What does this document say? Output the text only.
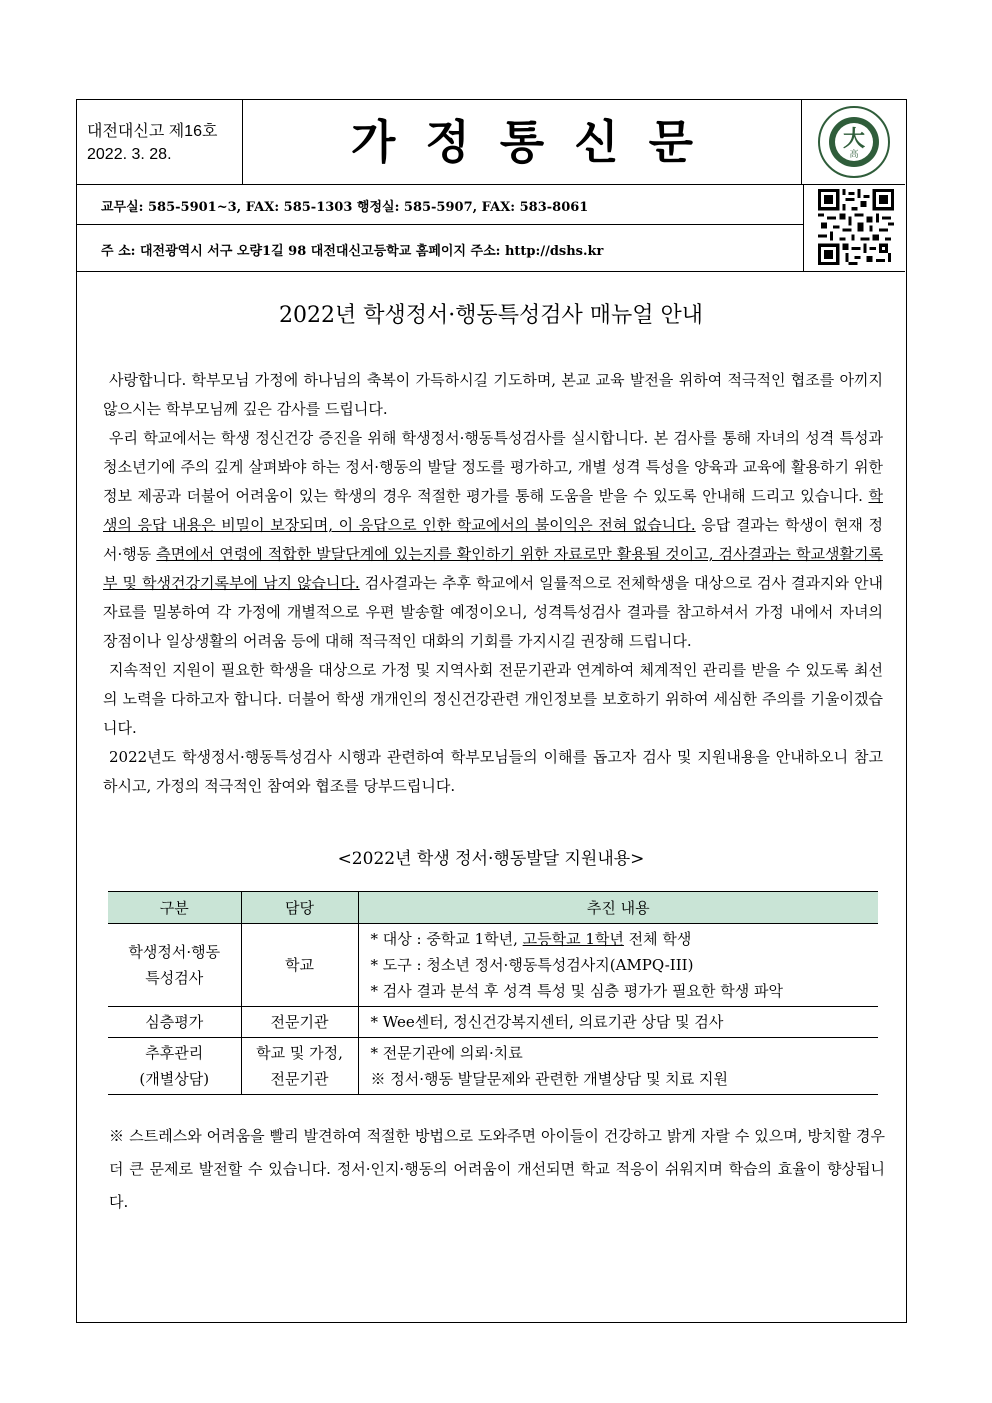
대전대신고 제16호
2022. 3. 28.	가정통신문	大
高
교무실: 585-5901~3, FAX: 585-1303 행정실: 585-5907, FAX: 583-8061
주 소: 대전광역시 서구 오량1길 98 대전대신고등학교 홈페이지 주소: http://dshs.kr
2022년 학생정서·행동특성검사 매뉴얼 안내

사랑합니다. 학부모님 가정에 하나님의 축복이 가득하시길 기도하며, 본교 교육 발전을 위하여 적극적인 협조를 아끼지 않으시는 학부모님께 깊은 감사를 드립니다.

우리 학교에서는 학생 정신건강 증진을 위해 학생정서·행동특성검사를 실시합니다. 본 검사를 통해 자녀의 성격 특성과 청소년기에 주의 깊게 살펴봐야 하는 정서·행동의 발달 정도를 평가하고, 개별 성격 특성을 양육과 교육에 활용하기 위한 정보 제공과 더불어 어려움이 있는 학생의 경우 적절한 평가를 통해 도움을 받을 수 있도록 안내해 드리고 있습니다. 학생의 응답 내용은 비밀이 보장되며, 이 응답으로 인한 학교에서의 불이익은 전혀 없습니다. 응답 결과는 학생이 현재 정서·행동 측면에서 연령에 적합한 발달단계에 있는지를 확인하기 위한 자료로만 활용될 것이고, 검사결과는 학교생활기록부 및 학생건강기록부에 남지 않습니다. 검사결과는 추후 학교에서 일률적으로 전체학생을 대상으로 검사 결과지와 안내 자료를 밀봉하여 각 가정에 개별적으로 우편 발송할 예정이오니, 성격특성검사 결과를 참고하셔서 가정 내에서 자녀의 장점이나 일상생활의 어려움 등에 대해 적극적인 대화의 기회를 가지시길 권장해 드립니다.

지속적인 지원이 필요한 학생을 대상으로 가정 및 지역사회 전문기관과 연계하여 체계적인 관리를 받을 수 있도록 최선의 노력을 다하고자 합니다. 더불어 학생 개개인의 정신건강관련 개인정보를 보호하기 위하여 세심한 주의를 기울이겠습니다.

2022년도 학생정서·행동특성검사 시행과 관련하여 학부모님들의 이해를 돕고자 검사 및 지원내용을 안내하오니 참고하시고, 가정의 적극적인 참여와 협조를 당부드립니다.

<2022년 학생 정서·행동발달 지원내용>
구분	담당	추진 내용
학생정서·행동
특성검사	학교	* 대상 : 중학교 1학년, 고등학교 1학년 전체 학생
* 도구 : 청소년 정서·행동특성검사지(AMPQ-III)
* 검사 결과 분석 후 성격 특성 및 심층 평가가 필요한 학생 파악
심층평가	전문기관	* Wee센터, 정신건강복지센터, 의료기관 상담 및 검사
추후관리
(개별상담)	학교 및 가정,
전문기관	* 전문기관에 의뢰·치료
※ 정서·행동 발달문제와 관련한 개별상담 및 치료 지원
※ 스트레스와 어려움을 빨리 발견하여 적절한 방법으로 도와주면 아이들이 건강하고 밝게 자랄 수 있으며, 방치할 경우 더 큰 문제로 발전할 수 있습니다. 정서·인지·행동의 어려움이 개선되면 학교 적응이 쉬워지며 학습의 효율이 향상됩니다.
